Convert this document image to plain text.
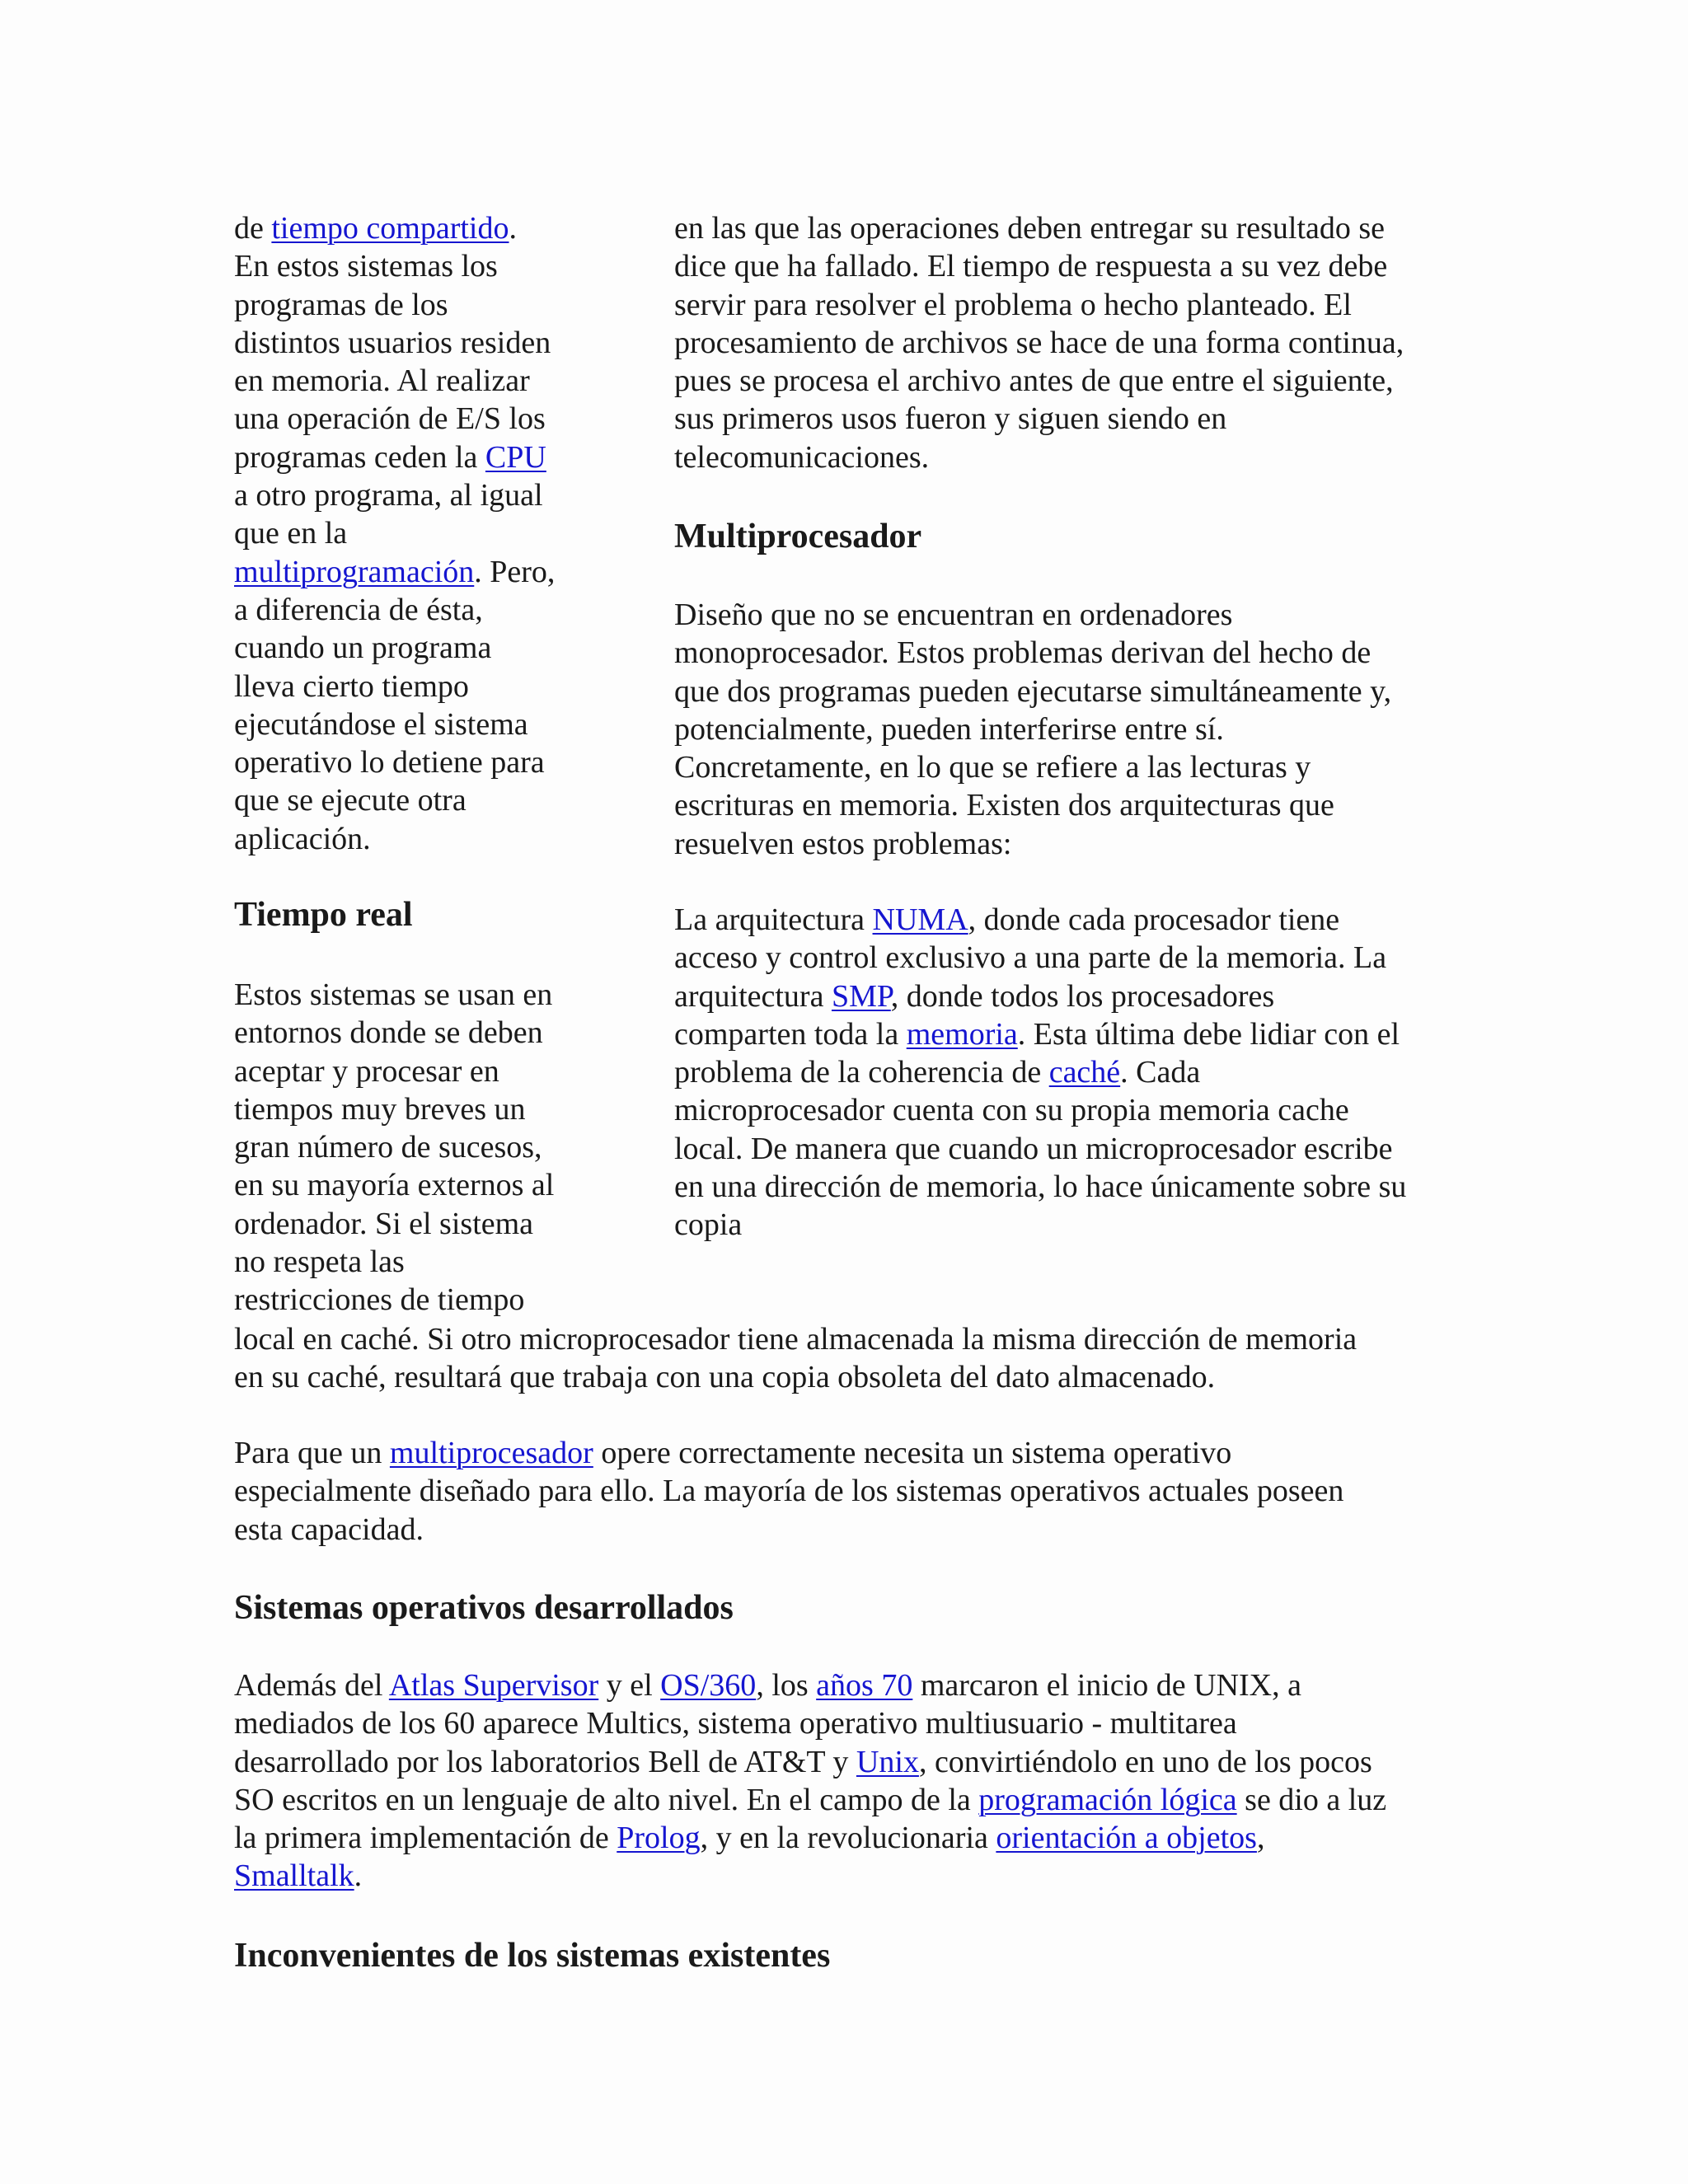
de tiempo compartido.
En estos sistemas los
programas de los
distintos usuarios residen
en memoria. Al realizar
una operación de E/S los
programas ceden la CPU
a otro programa, al igual
que en la
multiprogramación. Pero,
a diferencia de ésta,
cuando un programa
lleva cierto tiempo
ejecutándose el sistema
operativo lo detiene para
que se ejecute otra
aplicación.
Tiempo real
Estos sistemas se usan en
entornos donde se deben
aceptar y procesar en
tiempos muy breves un
gran número de sucesos,
en su mayoría externos al
ordenador. Si el sistema
no respeta las
restricciones de tiempo
en las que las operaciones deben entregar su resultado se
dice que ha fallado. El tiempo de respuesta a su vez debe
servir para resolver el problema o hecho planteado. El
procesamiento de archivos se hace de una forma continua,
pues se procesa el archivo antes de que entre el siguiente,
sus primeros usos fueron y siguen siendo en
telecomunicaciones.
Multiprocesador
Diseño que no se encuentran en ordenadores
monoprocesador. Estos problemas derivan del hecho de
que dos programas pueden ejecutarse simultáneamente y,
potencialmente, pueden interferirse entre sí.
Concretamente, en lo que se refiere a las lecturas y
escrituras en memoria. Existen dos arquitecturas que
resuelven estos problemas:
La arquitectura NUMA, donde cada procesador tiene
acceso y control exclusivo a una parte de la memoria. La
arquitectura SMP, donde todos los procesadores
comparten toda la memoria. Esta última debe lidiar con el
problema de la coherencia de caché. Cada
microprocesador cuenta con su propia memoria cache
local. De manera que cuando un microprocesador escribe
en una dirección de memoria, lo hace únicamente sobre su
copia
local en caché. Si otro microprocesador tiene almacenada la misma dirección de memoria
en su caché, resultará que trabaja con una copia obsoleta del dato almacenado.
Para que un multiprocesador opere correctamente necesita un sistema operativo
especialmente diseñado para ello. La mayoría de los sistemas operativos actuales poseen
esta capacidad.
Sistemas operativos desarrollados
Además del Atlas Supervisor y el OS/360, los años 70 marcaron el inicio de UNIX, a
mediados de los 60 aparece Multics, sistema operativo multiusuario - multitarea
desarrollado por los laboratorios Bell de AT&T y Unix, convirtiéndolo en uno de los pocos
SO escritos en un lenguaje de alto nivel. En el campo de la programación lógica se dio a luz
la primera implementación de Prolog, y en la revolucionaria orientación a objetos,
Smalltalk.
Inconvenientes de los sistemas existentes
